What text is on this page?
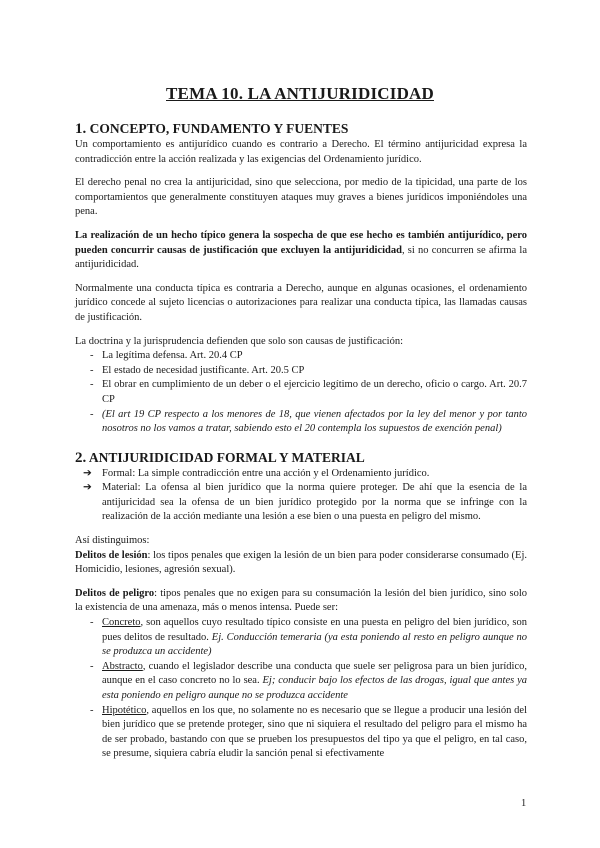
TEMA 10. LA ANTIJURIDICIDAD
1. CONCEPTO, FUNDAMENTO Y FUENTES

Un comportamiento es antijurídico cuando es contrario a Derecho. El término antijuricidad expresa la contradicción entre la acción realizada y las exigencias del Ordenamiento jurídico.

El derecho penal no crea la antijuricidad, sino que selecciona, por medio de la tipicidad, una parte de los comportamientos que generalmente constituyen ataques muy graves a bienes jurídicos imponiéndoles una pena.

La realización de un hecho típico genera la sospecha de que ese hecho es también antijurídico, pero pueden concurrir causas de justificación que excluyen la antijuridicidad, si no concurren se afirma la antijuridicidad.

Normalmente una conducta típica es contraria a Derecho, aunque en algunas ocasiones, el ordenamiento jurídico concede al sujeto licencias o autorizaciones para realizar una conducta típica, las llamadas causas de justificación.

La doctrina y la jurisprudencia defienden que solo son causas de justificación:

- La legítima defensa. Art. 20.4 CP
- El estado de necesidad justificante. Art. 20.5 CP
- El obrar en cumplimiento de un deber o el ejercicio legítimo de un derecho, oficio o cargo. Art. 20.7 CP
- (El art 19 CP respecto a los menores de 18, que vienen afectados por la ley del menor y por tanto nosotros no los vamos a tratar, sabiendo esto el 20 contempla los supuestos de exención penal)
2. ANTIJURIDICIDAD FORMAL Y MATERIAL
➔ Formal: La simple contradicción entre una acción y el Ordenamiento jurídico.
➔ Material: La ofensa al bien jurídico que la norma quiere proteger. De ahí que la esencia de la antijuricidad sea la ofensa de un bien jurídico protegido por la norma que se infringe con la realización de la acción mediante una lesión a ese bien o una puesta en peligro del mismo.

Así distinguimos:

Delitos de lesión: los tipos penales que exigen la lesión de un bien para poder considerarse consumado (Ej. Homicidio, lesiones, agresión sexual).

Delitos de peligro: tipos penales que no exigen para su consumación la lesión del bien jurídico, sino solo la existencia de una amenaza, más o menos intensa. Puede ser:

- Concreto, son aquellos cuyo resultado típico consiste en una puesta en peligro del bien jurídico, son pues delitos de resultado. Ej. Conducción temeraria (ya esta poniendo al resto en peligro aunque no se produzca un accidente)
- Abstracto, cuando el legislador describe una conducta que suele ser peligrosa para un bien jurídico, aunque en el caso concreto no lo sea. Ej; conducir bajo los efectos de las drogas, igual que antes ya esta poniendo en peligro aunque no se produzca accidente
- Hipotético, aquellos en los que, no solamente no es necesario que se llegue a producir una lesión del bien jurídico que se pretende proteger, sino que ni siquiera el resultado del peligro para el mismo ha de ser probado, bastando con que se prueben los presupuestos del tipo ya que el peligro, en tal caso, se presume, siquiera cabría eludir la sanción penal si efectivamente
1
